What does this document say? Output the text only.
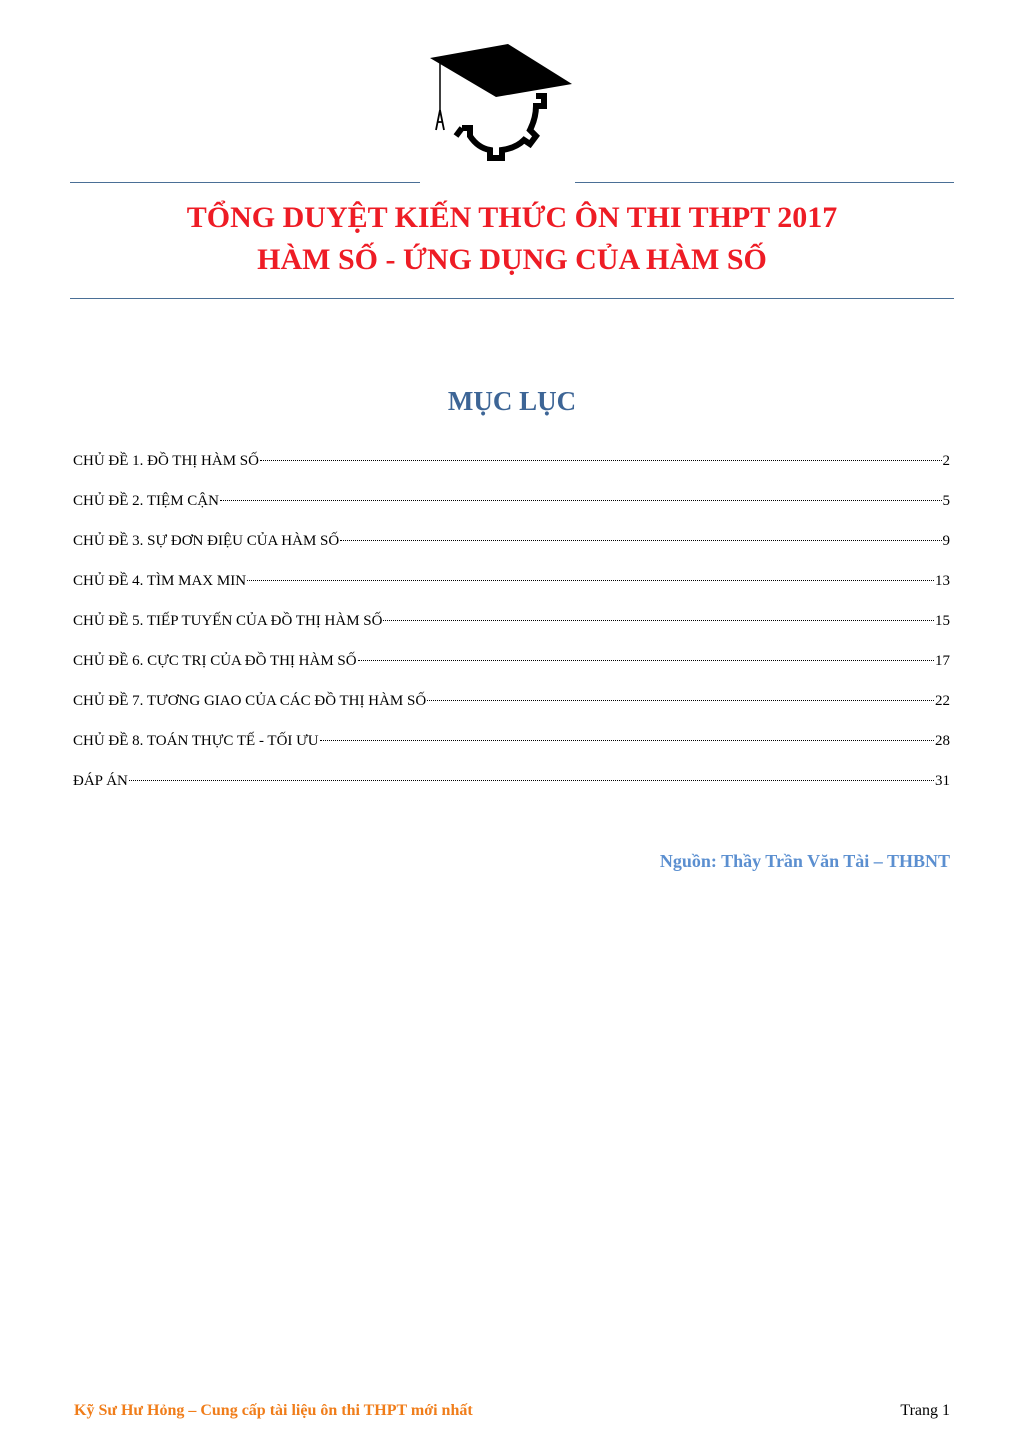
TỔNG DUYỆT KIẾN THỨC ÔN THI THPT 2017
HÀM SỐ - ỨNG DỤNG CỦA HÀM SỐ
MỤC LỤC
CHỦ ĐỀ 1. ĐỒ THỊ HÀM SỐ	2
CHỦ ĐỀ 2. TIỆM CẬN	5
CHỦ ĐỀ 3. SỰ ĐƠN ĐIỆU CỦA HÀM SỐ	9
CHỦ ĐỀ 4. TÌM MAX MIN	13
CHỦ ĐỀ 5. TIẾP TUYẾN CỦA ĐỒ THỊ HÀM SỐ	15
CHỦ ĐỀ 6. CỰC TRỊ CỦA ĐỒ THỊ HÀM SỐ	17
CHỦ ĐỀ 7. TƯƠNG GIAO CỦA CÁC ĐỒ THỊ HÀM SỐ	22
CHỦ ĐỀ 8. TOÁN THỰC TẾ - TỐI ƯU	28
ĐÁP ÁN	31
Nguồn: Thầy Trần Văn Tài – THBNT
Kỹ Sư Hư Hỏng – Cung cấp tài liệu ôn thi THPT mới nhất	Trang 1
